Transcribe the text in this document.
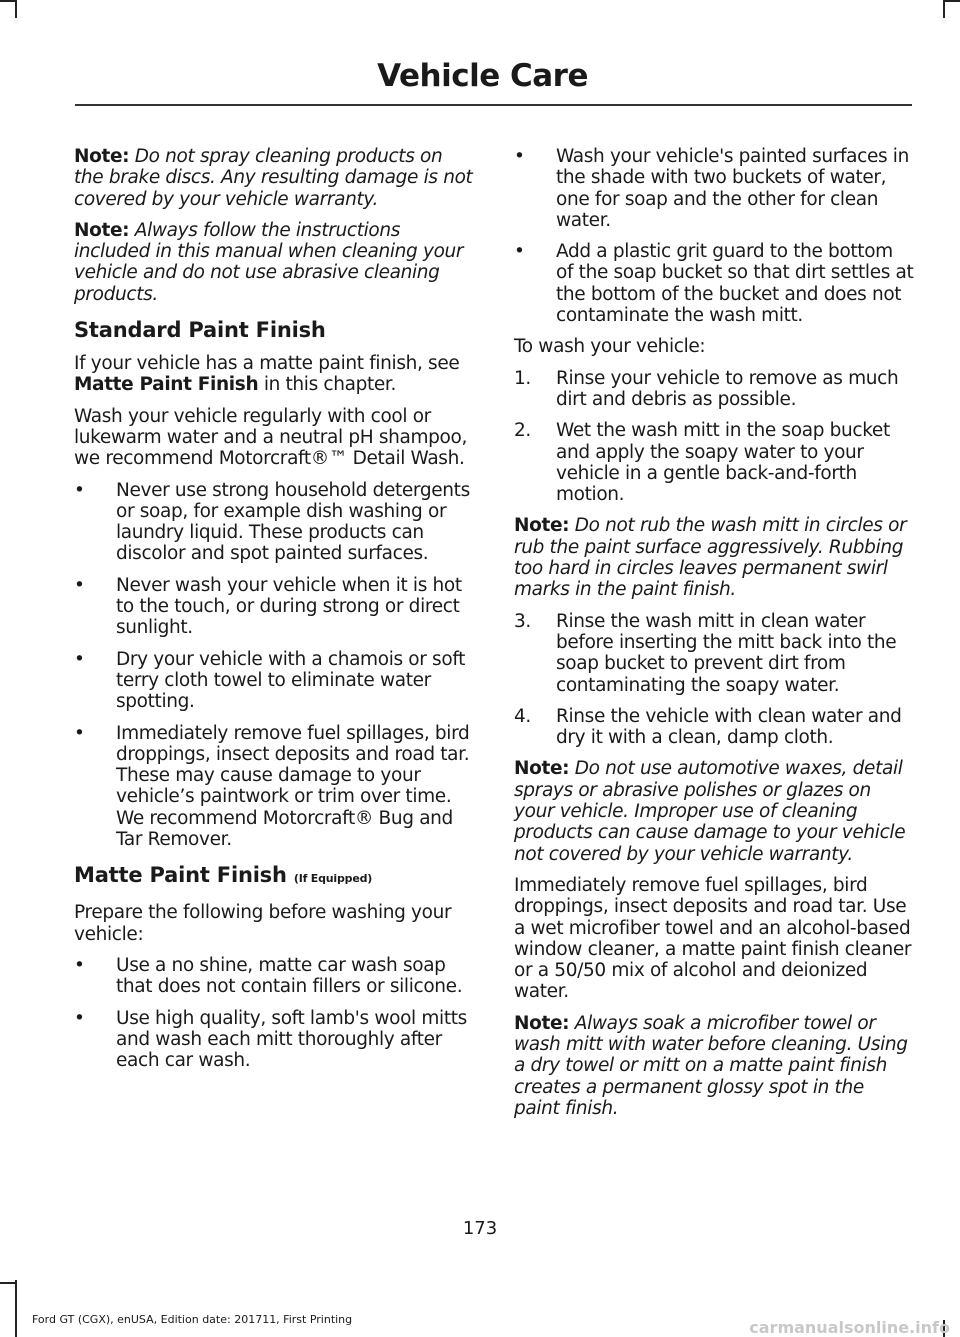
Vehicle Care

Note: Do not spray cleaning products on the brake discs. Any resulting damage is not covered by your vehicle warranty.

Note: Always follow the instructions included in this manual when cleaning your vehicle and do not use abrasive cleaning products.

Standard Paint Finish

If your vehicle has a matte paint finish, see Matte Paint Finish in this chapter.

Wash your vehicle regularly with cool or lukewarm water and a neutral pH shampoo, we recommend Motorcraft®™ Detail Wash.

•	Never use strong household detergents or soap, for example dish washing or laundry liquid. These products can discolor and spot painted surfaces.
•	Never wash your vehicle when it is hot to the touch, or during strong or direct sunlight.
•	Dry your vehicle with a chamois or soft terry cloth towel to eliminate water spotting.
•	Immediately remove fuel spillages, bird droppings, insect deposits and road tar. These may cause damage to your vehicle’s paintwork or trim over time. We recommend Motorcraft® Bug and Tar Remover.
Matte Paint Finish (If Equipped)

Prepare the following before washing your vehicle:

•	Use a no shine, matte car wash soap that does not contain fillers or silicone.
•	Use high quality, soft lamb's wool mitts and wash each mitt thoroughly after each car wash.
•	Wash your vehicle's painted surfaces in the shade with two buckets of water, one for soap and the other for clean water.
•	Add a plastic grit guard to the bottom of the soap bucket so that dirt settles at the bottom of the bucket and does not contaminate the wash mitt.

To wash your vehicle:

1.	Rinse your vehicle to remove as much dirt and debris as possible.
2.	Wet the wash mitt in the soap bucket and apply the soapy water to your vehicle in a gentle back-and-forth motion.

Note: Do not rub the wash mitt in circles or rub the paint surface aggressively. Rubbing too hard in circles leaves permanent swirl marks in the paint finish.

3.	Rinse the wash mitt in clean water before inserting the mitt back into the soap bucket to prevent dirt from contaminating the soapy water.
4.	Rinse the vehicle with clean water and dry it with a clean, damp cloth.

Note: Do not use automotive waxes, detail sprays or abrasive polishes or glazes on your vehicle. Improper use of cleaning products can cause damage to your vehicle not covered by your vehicle warranty.

Immediately remove fuel spillages, bird droppings, insect deposits and road tar. Use a wet microfiber towel and an alcohol-based window cleaner, a matte paint finish cleaner or a 50/50 mix of alcohol and deionized water.

Note: Always soak a microfiber towel or wash mitt with water before cleaning. Using a dry towel or mitt on a matte paint finish creates a permanent glossy spot in the paint finish.

173
Ford GT (CGX), enUSA, Edition date: 201711, First Printing	carmanualsonline.info
